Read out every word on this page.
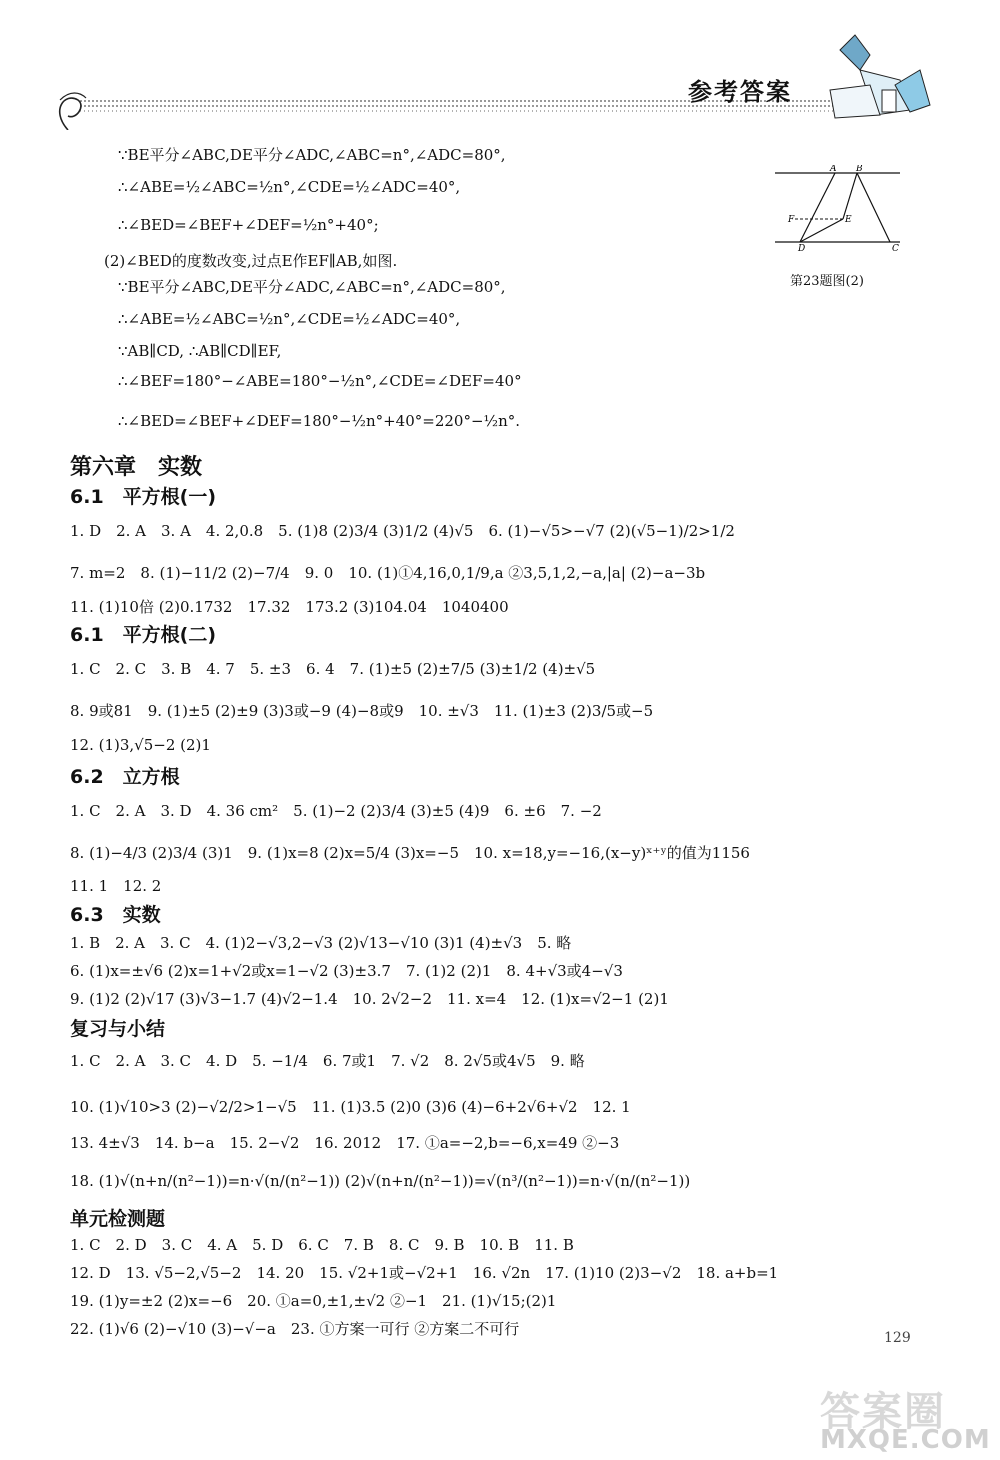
参考答案
A B
C
D
E
F
第23题图(2)
∵BE平分∠ABC,DE平分∠ADC,∠ABC=n°,∠ADC=80°,
∴∠ABE=½∠ABC=½n°,∠CDE=½∠ADC=40°,
∴∠BED=∠BEF+∠DEF=½n°+40°;
(2)∠BED的度数改变,过点E作EF∥AB,如图.
∵BE平分∠ABC,DE平分∠ADC,∠ABC=n°,∠ADC=80°,
∴∠ABE=½∠ABC=½n°,∠CDE=½∠ADC=40°,
∵AB∥CD, ∴AB∥CD∥EF,
∴∠BEF=180°−∠ABE=180°−½n°,∠CDE=∠DEF=40°
∴∠BED=∠BEF+∠DEF=180°−½n°+40°=220°−½n°.
第六章　实数
6.1　平方根(一)
1. D　2. A　3. A　4. 2,0.8　5. (1)8 (2)3/4 (3)1/2 (4)√5　6. (1)−√5>−√7 (2)(√5−1)/2>1/2
7. m=2　8. (1)−11/2 (2)−7/4　9. 0　10. (1)①4,16,0,1/9,a ②3,5,1,2,−a,|a| (2)−a−3b
11. (1)10倍 (2)0.1732　17.32　173.2 (3)104.04　1040400
6.1　平方根(二)
1. C　2. C　3. B　4. 7　5. ±3　6. 4　7. (1)±5 (2)±7/5 (3)±1/2 (4)±√5
8. 9或81　9. (1)±5 (2)±9 (3)3或−9 (4)−8或9　10. ±√3　11. (1)±3 (2)3/5或−5
12. (1)3,√5−2 (2)1
6.2　立方根
1. C　2. A　3. D　4. 36 cm²　5. (1)−2 (2)3/4 (3)±5 (4)9　6. ±6　7. −2
8. (1)−4/3 (2)3/4 (3)1　9. (1)x=8 (2)x=5/4 (3)x=−5　10. x=18,y=−16,(x−y)ˣ⁺ʸ的值为1156
11. 1　12. 2
6.3　实数
1. B　2. A　3. C　4. (1)2−√3,2−√3 (2)√13−√10 (3)1 (4)±√3　5. 略
6. (1)x=±√6 (2)x=1+√2或x=1−√2 (3)±3.7　7. (1)2 (2)1　8. 4+√3或4−√3
9. (1)2 (2)√17 (3)√3−1.7 (4)√2−1.4　10. 2√2−2　11. x=4　12. (1)x=√2−1 (2)1
复习与小结
1. C　2. A　3. C　4. D　5. −1/4　6. 7或1　7. √2　8. 2√5或4√5　9. 略
10. (1)√10>3 (2)−√2/2>1−√5　11. (1)3.5 (2)0 (3)6 (4)−6+2√6+√2　12. 1
13. 4±√3　14. b−a　15. 2−√2　16. 2012　17. ①a=−2,b=−6,x=49 ②−3
18. (1)√(n+n/(n²−1))=n·√(n/(n²−1)) (2)√(n+n/(n²−1))=√(n³/(n²−1))=n·√(n/(n²−1))
单元检测题
1. C　2. D　3. C　4. A　5. D　6. C　7. B　8. C　9. B　10. B　11. B
12. D　13. √5−2,√5−2　14. 20　15. √2+1或−√2+1　16. √2n　17. (1)10 (2)3−√2　18. a+b=1
19. (1)y=±2 (2)x=−6　20. ①a=0,±1,±√2 ②−1　21. (1)√15;(2)1
22. (1)√6 (2)−√10 (3)−√−a　23. ①方案一可行 ②方案二不可行	129
答案圈
MXQE.COM
